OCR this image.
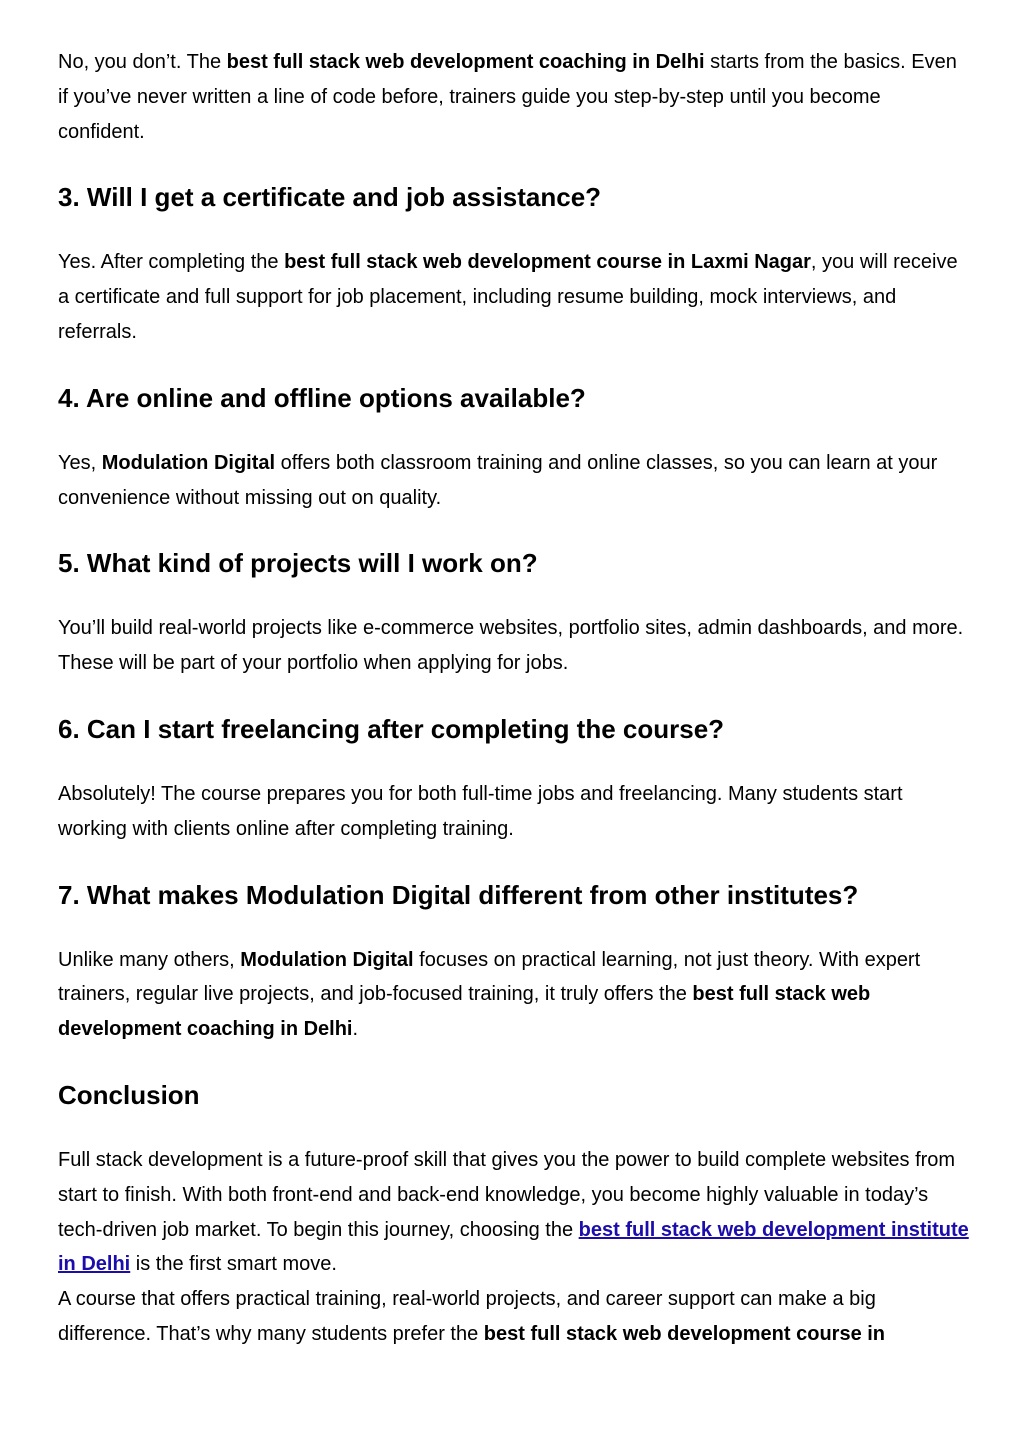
No, you don’t. The best full stack web development coaching in Delhi starts from the basics. Even if you’ve never written a line of code before, trainers guide you step-by-step until you become confident.

3. Will I get a certificate and job assistance?

Yes. After completing the best full stack web development course in Laxmi Nagar, you will receive a certificate and full support for job placement, including resume building, mock interviews, and referrals.

4. Are online and offline options available?

Yes, Modulation Digital offers both classroom training and online classes, so you can learn at your convenience without missing out on quality.

5. What kind of projects will I work on?

You’ll build real-world projects like e-commerce websites, portfolio sites, admin dashboards, and more. These will be part of your portfolio when applying for jobs.

6. Can I start freelancing after completing the course?

Absolutely! The course prepares you for both full-time jobs and freelancing. Many students start working with clients online after completing training.

7. What makes Modulation Digital different from other institutes?

Unlike many others, Modulation Digital focuses on practical learning, not just theory. With expert trainers, regular live projects, and job-focused training, it truly offers the best full stack web development coaching in Delhi.

Conclusion

Full stack development is a future-proof skill that gives you the power to build complete websites from start to finish. With both front-end and back-end knowledge, you become highly valuable in today’s tech-driven job market. To begin this journey, choosing the best full stack web development institute in Delhi is the first smart move.

A course that offers practical training, real-world projects, and career support can make a big difference. That’s why many students prefer the best full stack web development course in
